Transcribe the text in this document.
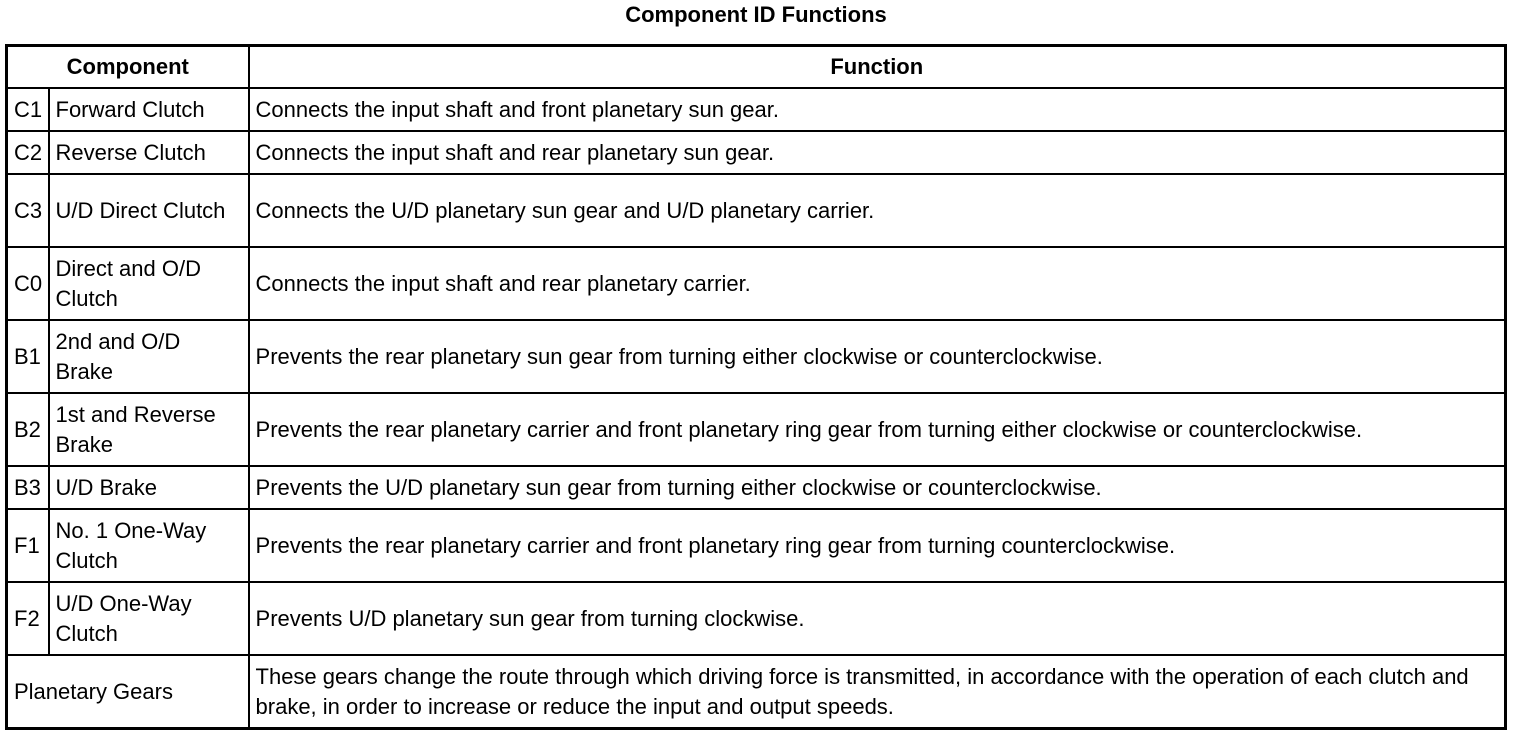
Component ID Functions
Component		Function
C1	Forward Clutch	Connects the input shaft and front planetary sun gear.
C2	Reverse Clutch	Connects the input shaft and rear planetary sun gear.
C3	U/D Direct Clutch	Connects the U/D planetary sun gear and U/D planetary carrier.
C0	Direct and O/D Clutch	Connects the input shaft and rear planetary carrier.
B1	2nd and O/D Brake	Prevents the rear planetary sun gear from turning either clockwise or counterclockwise.
B2	1st and Reverse Brake	Prevents the rear planetary carrier and front planetary ring gear from turning either clockwise or counterclockwise.
B3	U/D Brake	Prevents the U/D planetary sun gear from turning either clockwise or counterclockwise.
F1	No. 1 One-Way Clutch	Prevents the rear planetary carrier and front planetary ring gear from turning counterclockwise.
F2	U/D One-Way Clutch	Prevents U/D planetary sun gear from turning clockwise.
Planetary Gears		These gears change the route through which driving force is transmitted, in accordance with the operation of each clutch and brake, in order to increase or reduce the input and output speeds.
